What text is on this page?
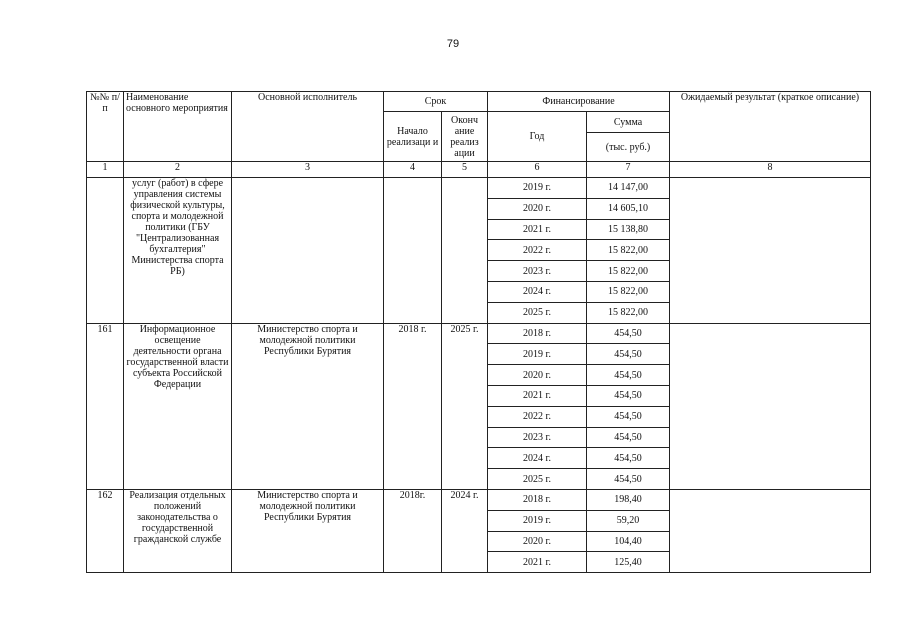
79
№№ п/п	Наименование основного мероприятия	Основной исполнитель	Срок		Финансирование		Ожидаемый результат (краткое описание)
			Начало реализаци и	Оконч ание реализ ации	Год	Сумма	
						(тыс. руб.)	
1	2	3	4	5	6	7	8
	услуг (работ) в сфере управления системы физической культуры, спорта и молодежной политики (ГБУ "Централизованная бухгалтерия" Министерства спорта РБ)				2019 г.	14 147,00	
					2020 г.	14 605,10	
					2021 г.	15 138,80	
					2022 г.	15 822,00	
					2023 г.	15 822,00	
					2024 г.	15 822,00	
					2025 г.	15 822,00	
161	Информационное освещение деятельности органа государственной власти субъекта Российской Федерации	Министерство спорта и молодежной политики Республики Бурятия	2018 г.	2025 г.	2018 г.	454,50	
					2019 г.	454,50	
					2020 г.	454,50	
					2021 г.	454,50	
					2022 г.	454,50	
					2023 г.	454,50	
					2024 г.	454,50	
					2025 г.	454,50	
162	Реализация отдельных положений законодательства о государственной гражданской службе	Министерство спорта и молодежной политики Республики Бурятия	2018г.	2024 г.	2018 г.	198,40	
					2019 г.	59,20	
					2020 г.	104,40	
					2021 г.	125,40	
